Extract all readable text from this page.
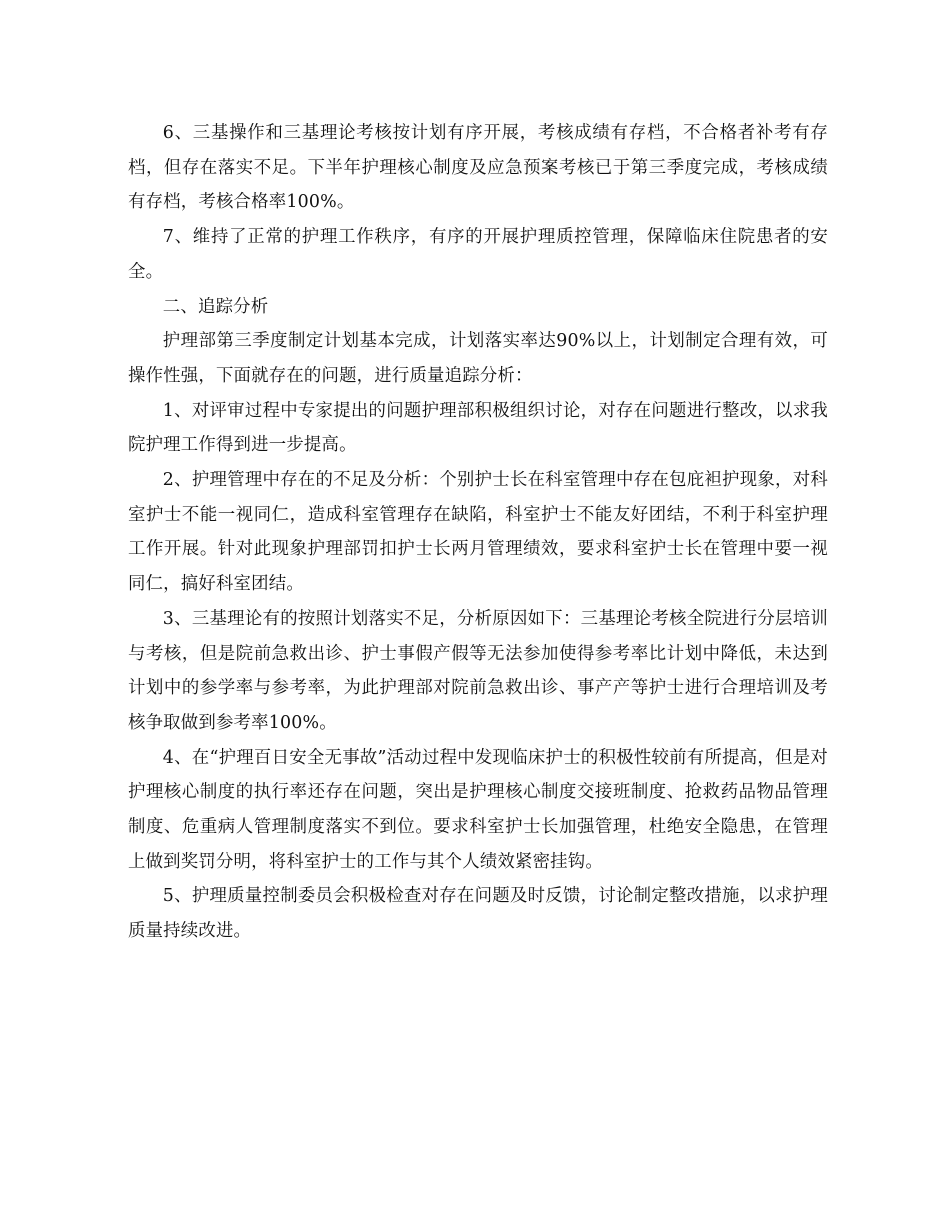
6、三基操作和三基理论考核按计划有序开展，考核成绩有存档，不合格者补考有存档，但存在落实不足。下半年护理核心制度及应急预案考核已于第三季度完成，考核成绩有存档，考核合格率100%。

7、维持了正常的护理工作秩序，有序的开展护理质控管理，保障临床住院患者的安全。

二、追踪分析

护理部第三季度制定计划基本完成，计划落实率达90%以上，计划制定合理有效，可操作性强，下面就存在的问题，进行质量追踪分析：

1、对评审过程中专家提出的问题护理部积极组织讨论，对存在问题进行整改，以求我院护理工作得到进一步提高。

2、护理管理中存在的不足及分析：个别护士长在科室管理中存在包庇袒护现象，对科室护士不能一视同仁，造成科室管理存在缺陷，科室护士不能友好团结，不利于科室护理工作开展。针对此现象护理部罚扣护士长两月管理绩效，要求科室护士长在管理中要一视同仁，搞好科室团结。

3、三基理论有的按照计划落实不足，分析原因如下：三基理论考核全院进行分层培训与考核，但是院前急救出诊、护士事假产假等无法参加使得参考率比计划中降低，未达到计划中的参学率与参考率，为此护理部对院前急救出诊、事产产等护士进行合理培训及考核争取做到参考率100%。

4、在“护理百日安全无事故”活动过程中发现临床护士的积极性较前有所提高，但是对护理核心制度的执行率还存在问题，突出是护理核心制度交接班制度、抢救药品物品管理制度、危重病人管理制度落实不到位。要求科室护士长加强管理，杜绝安全隐患，在管理上做到奖罚分明，将科室护士的工作与其个人绩效紧密挂钩。

5、护理质量控制委员会积极检查对存在问题及时反馈，讨论制定整改措施，以求护理质量持续改进。
